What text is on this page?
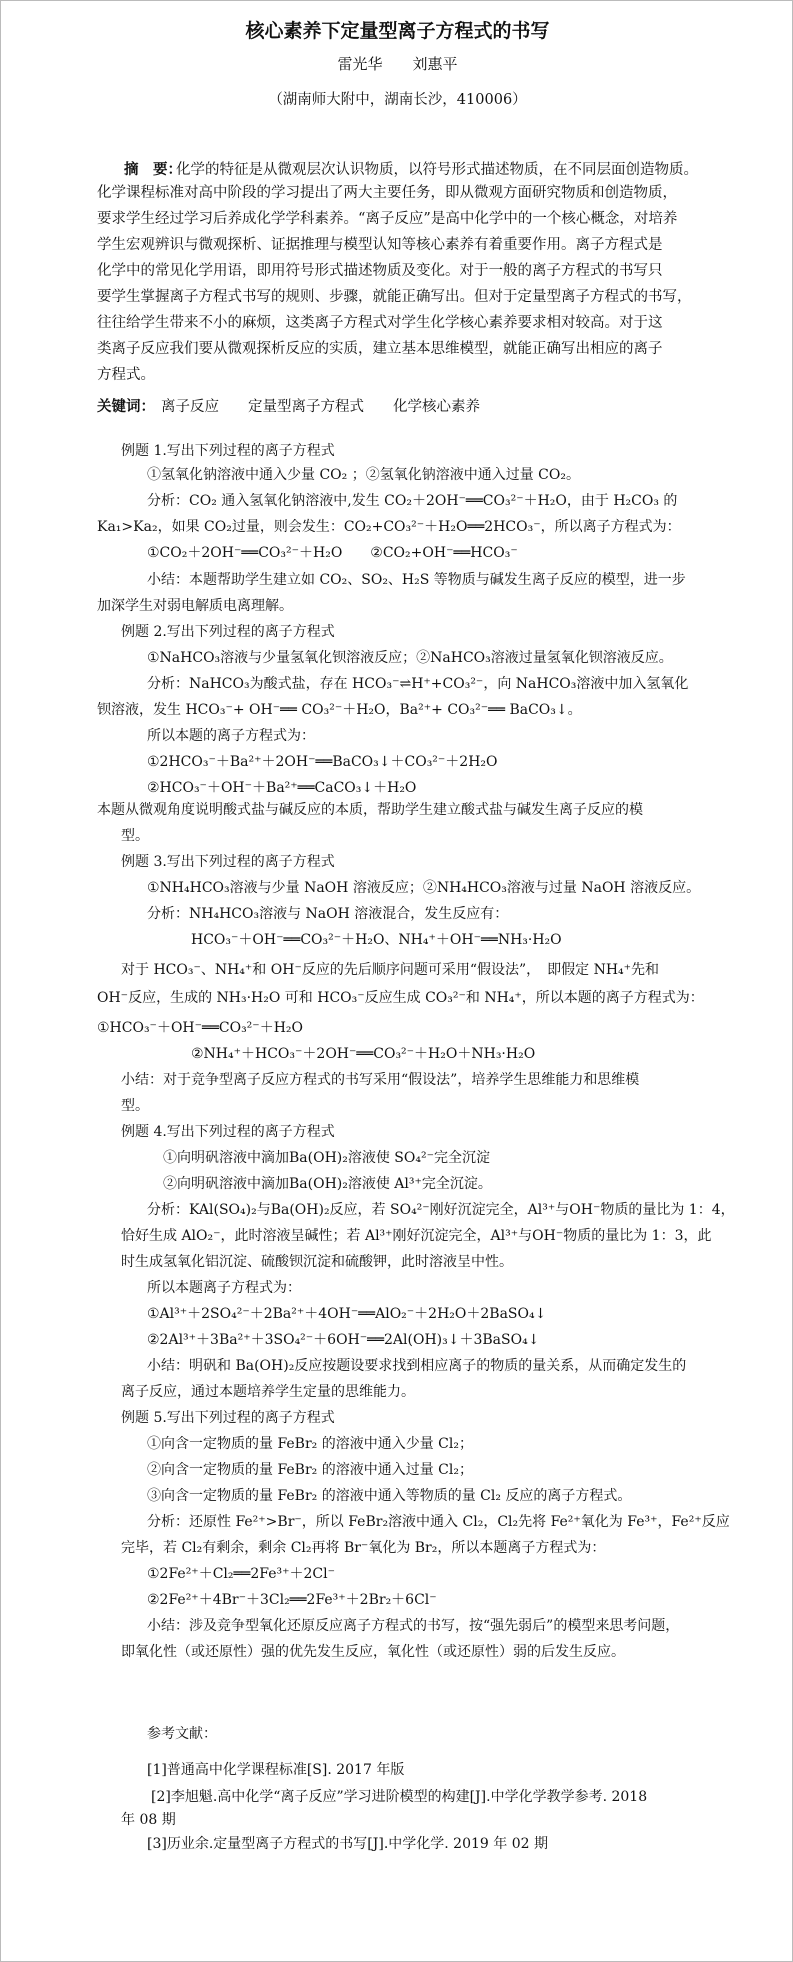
核心素养下定量型离子方程式的书写
雷光华　　刘惠平
（湖南师大附中，湖南长沙，410006）
摘　要：
化学的特征是从微观层次认识物质，以符号形式描述物质，在不同层面创造物质。
化学课程标准对高中阶段的学习提出了两大主要任务，即从微观方面研究物质和创造物质，
要求学生经过学习后养成化学学科素养。“离子反应”是高中化学中的一个核心概念，对培养
学生宏观辨识与微观探析、证据推理与模型认知等核心素养有着重要作用。离子方程式是
化学中的常见化学用语，即用符号形式描述物质及变化。对于一般的离子方程式的书写只
要学生掌握离子方程式书写的规则、步骤，就能正确写出。但对于定量型离子方程式的书写，
往往给学生带来不小的麻烦，这类离子方程式对学生化学核心素养要求相对较高。对于这
类离子反应我们要从微观探析反应的实质，建立基本思维模型，就能正确写出相应的离子
方程式。
关键词： 离子反应　　定量型离子方程式　　化学核心素养
例题 1.写出下列过程的离子方程式
①氢氧化钠溶液中通入少量 CO₂ ；②氢氧化钠溶液中通入过量 CO₂。
分析：CO₂ 通入氢氧化钠溶液中,发生 CO₂＋2OH⁻══CO₃²⁻＋H₂O，由于 H₂CO₃ 的
Ka₁>Ka₂，如果 CO₂过量，则会发生：CO₂+CO₃²⁻＋H₂O══2HCO₃⁻，所以离子方程式为：
①CO₂＋2OH⁻══CO₃²⁻＋H₂O　　②CO₂+OH⁻══HCO₃⁻
小结：本题帮助学生建立如 CO₂、SO₂、H₂S 等物质与碱发生离子反应的模型，进一步
加深学生对弱电解质电离理解。
例题 2.写出下列过程的离子方程式
①NaHCO₃溶液与少量氢氧化钡溶液反应；②NaHCO₃溶液过量氢氧化钡溶液反应。
分析：NaHCO₃为酸式盐，存在 HCO₃⁻⇌H⁺+CO₃²⁻，向 NaHCO₃溶液中加入氢氧化
钡溶液，发生 HCO₃⁻+ OH⁻══ CO₃²⁻＋H₂O，Ba²⁺+ CO₃²⁻══ BaCO₃↓。
所以本题的离子方程式为：
①2HCO₃⁻＋Ba²⁺＋2OH⁻══BaCO₃↓＋CO₃²⁻＋2H₂O
②HCO₃⁻＋OH⁻＋Ba²⁺══CaCO₃↓＋H₂O
本题从微观角度说明酸式盐与碱反应的本质，帮助学生建立酸式盐与碱发生离子反应的模
型。
例题 3.写出下列过程的离子方程式
①NH₄HCO₃溶液与少量 NaOH 溶液反应；②NH₄HCO₃溶液与过量 NaOH 溶液反应。
分析：NH₄HCO₃溶液与 NaOH 溶液混合，发生反应有：
HCO₃⁻＋OH⁻══CO₃²⁻＋H₂O、NH₄⁺＋OH⁻══NH₃·H₂O
对于 HCO₃⁻、NH₄⁺和 OH⁻反应的先后顺序问题可采用“假设法”，　即假定 NH₄⁺先和
OH⁻反应，生成的 NH₃·H₂O 可和 HCO₃⁻反应生成 CO₃²⁻和 NH₄⁺，所以本题的离子方程式为：
①HCO₃⁻＋OH⁻══CO₃²⁻＋H₂O
②NH₄⁺＋HCO₃⁻＋2OH⁻══CO₃²⁻＋H₂O＋NH₃·H₂O
小结：对于竞争型离子反应方程式的书写采用“假设法”，培养学生思维能力和思维模
型。
例题 4.写出下列过程的离子方程式
①向明矾溶液中滴加Ba(OH)₂溶液使 SO₄²⁻完全沉淀
②向明矾溶液中滴加Ba(OH)₂溶液使 Al³⁺完全沉淀。
分析：KAl(SO₄)₂与Ba(OH)₂反应，若 SO₄²⁻刚好沉淀完全，Al³⁺与OH⁻物质的量比为 1：4，
恰好生成 AlO₂⁻，此时溶液呈碱性；若 Al³⁺刚好沉淀完全，Al³⁺与OH⁻物质的量比为 1：3，此
时生成氢氧化铝沉淀、硫酸钡沉淀和硫酸钾，此时溶液呈中性。
所以本题离子方程式为：
①Al³⁺＋2SO₄²⁻＋2Ba²⁺＋4OH⁻══AlO₂⁻＋2H₂O＋2BaSO₄↓
②2Al³⁺＋3Ba²⁺＋3SO₄²⁻＋6OH⁻══2Al(OH)₃↓＋3BaSO₄↓
小结：明矾和 Ba(OH)₂反应按题设要求找到相应离子的物质的量关系，从而确定发生的
离子反应，通过本题培养学生定量的思维能力。
例题 5.写出下列过程的离子方程式
①向含一定物质的量 FeBr₂ 的溶液中通入少量 Cl₂；
②向含一定物质的量 FeBr₂ 的溶液中通入过量 Cl₂；
③向含一定物质的量 FeBr₂ 的溶液中通入等物质的量 Cl₂ 反应的离子方程式。
分析：还原性 Fe²⁺>Br⁻，所以 FeBr₂溶液中通入 Cl₂，Cl₂先将 Fe²⁺氧化为 Fe³⁺，Fe²⁺反应
完毕，若 Cl₂有剩余，剩余 Cl₂再将 Br⁻氧化为 Br₂，所以本题离子方程式为：
①2Fe²⁺＋Cl₂══2Fe³⁺＋2Cl⁻
②2Fe²⁺＋4Br⁻＋3Cl₂══2Fe³⁺＋2Br₂＋6Cl⁻
小结：涉及竞争型氧化还原反应离子方程式的书写，按“强先弱后”的模型来思考问题，
即氧化性（或还原性）强的优先发生反应，氧化性（或还原性）弱的后发生反应。
参考文献：
[1]普通高中化学课程标准[S]. 2017 年版
[2]李旭魁.高中化学“离子反应”学习进阶模型的构建[J].中学化学教学参考. 2018
年 08 期
[3]历业余.定量型离子方程式的书写[J].中学化学. 2019 年 02 期
